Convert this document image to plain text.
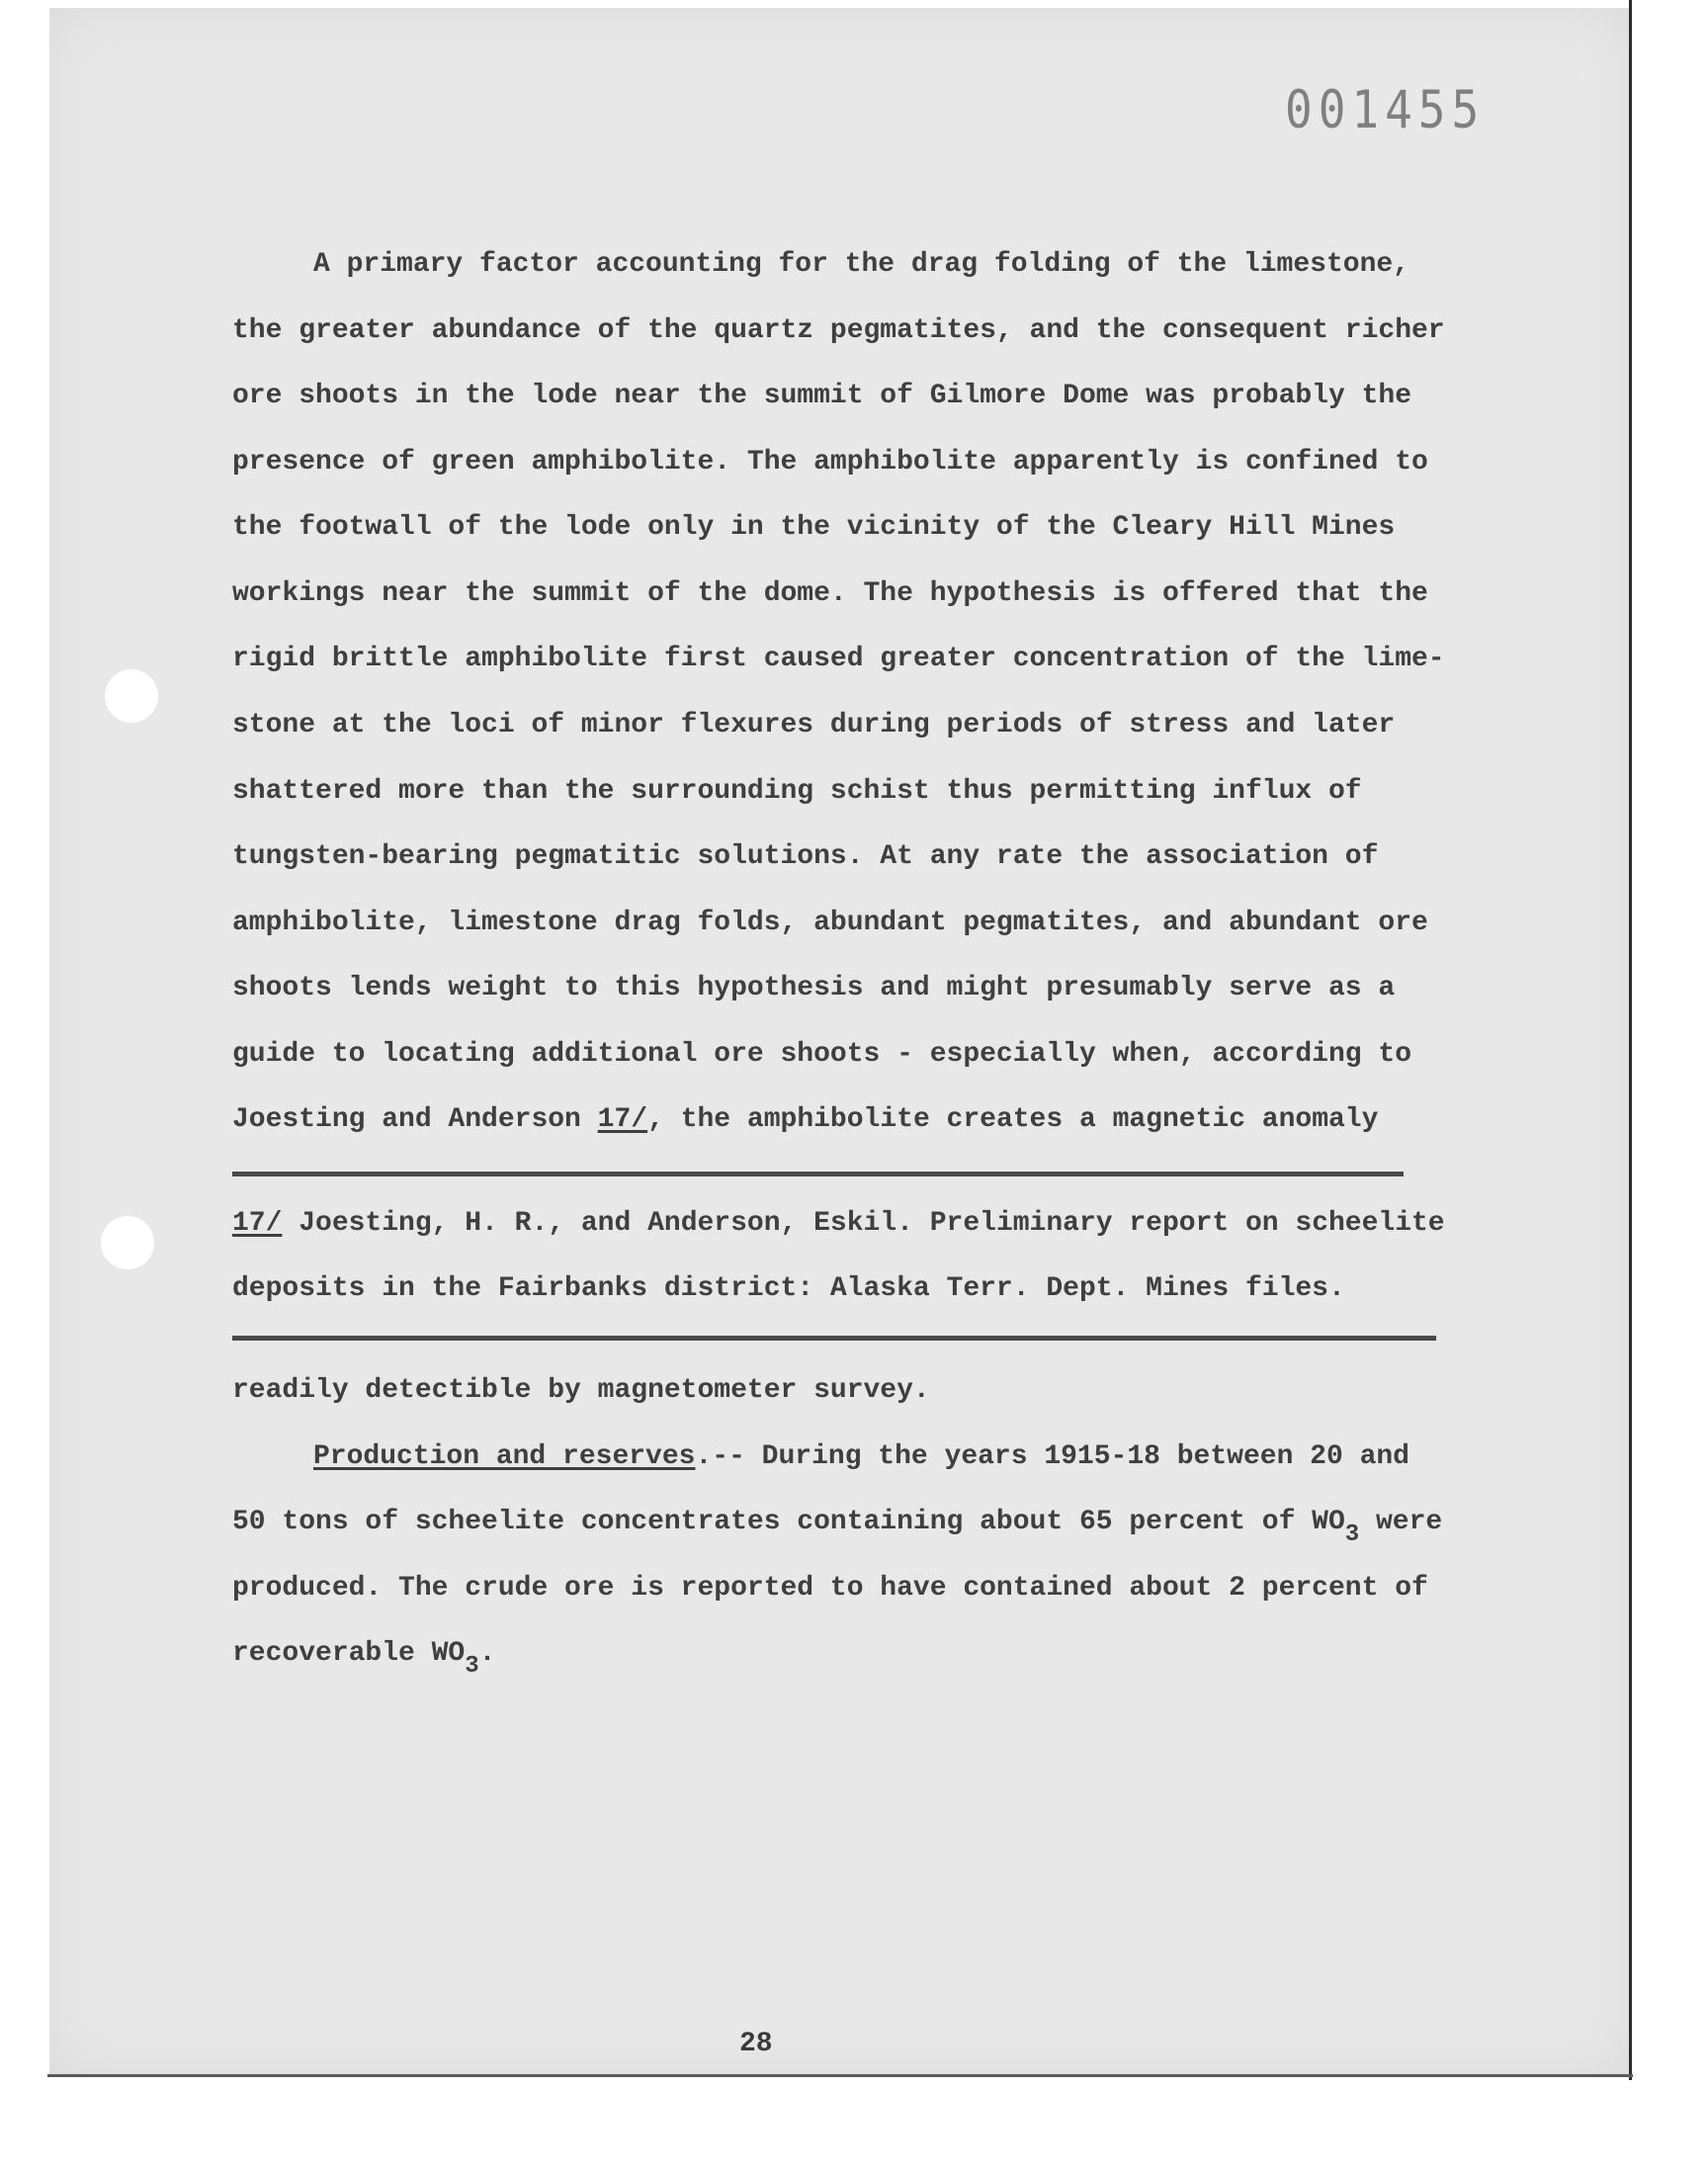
001455
A primary factor accounting for the drag folding of the limestone,
the greater abundance of the quartz pegmatites, and the consequent richer
ore shoots in the lode near the summit of Gilmore Dome was probably the
presence of green amphibolite. The amphibolite apparently is confined to
the footwall of the lode only in the vicinity of the Cleary Hill Mines
workings near the summit of the dome. The hypothesis is offered that the
rigid brittle amphibolite first caused greater concentration of the lime-
stone at the loci of minor flexures during periods of stress and later
shattered more than the surrounding schist thus permitting influx of
tungsten-bearing pegmatitic solutions. At any rate the association of
amphibolite, limestone drag folds, abundant pegmatites, and abundant ore
shoots lends weight to this hypothesis and might presumably serve as a
guide to locating additional ore shoots - especially when, according to
Joesting and Anderson 17/, the amphibolite creates a magnetic anomaly
17/ Joesting, H. R., and Anderson, Eskil. Preliminary report on scheelite
deposits in the Fairbanks district: Alaska Terr. Dept. Mines files.
readily detectible by magnetometer survey.
Production and reserves.-- During the years 1915-18 between 20 and
50 tons of scheelite concentrates containing about 65 percent of WO3 were
produced. The crude ore is reported to have contained about 2 percent of
recoverable WO3.
28
